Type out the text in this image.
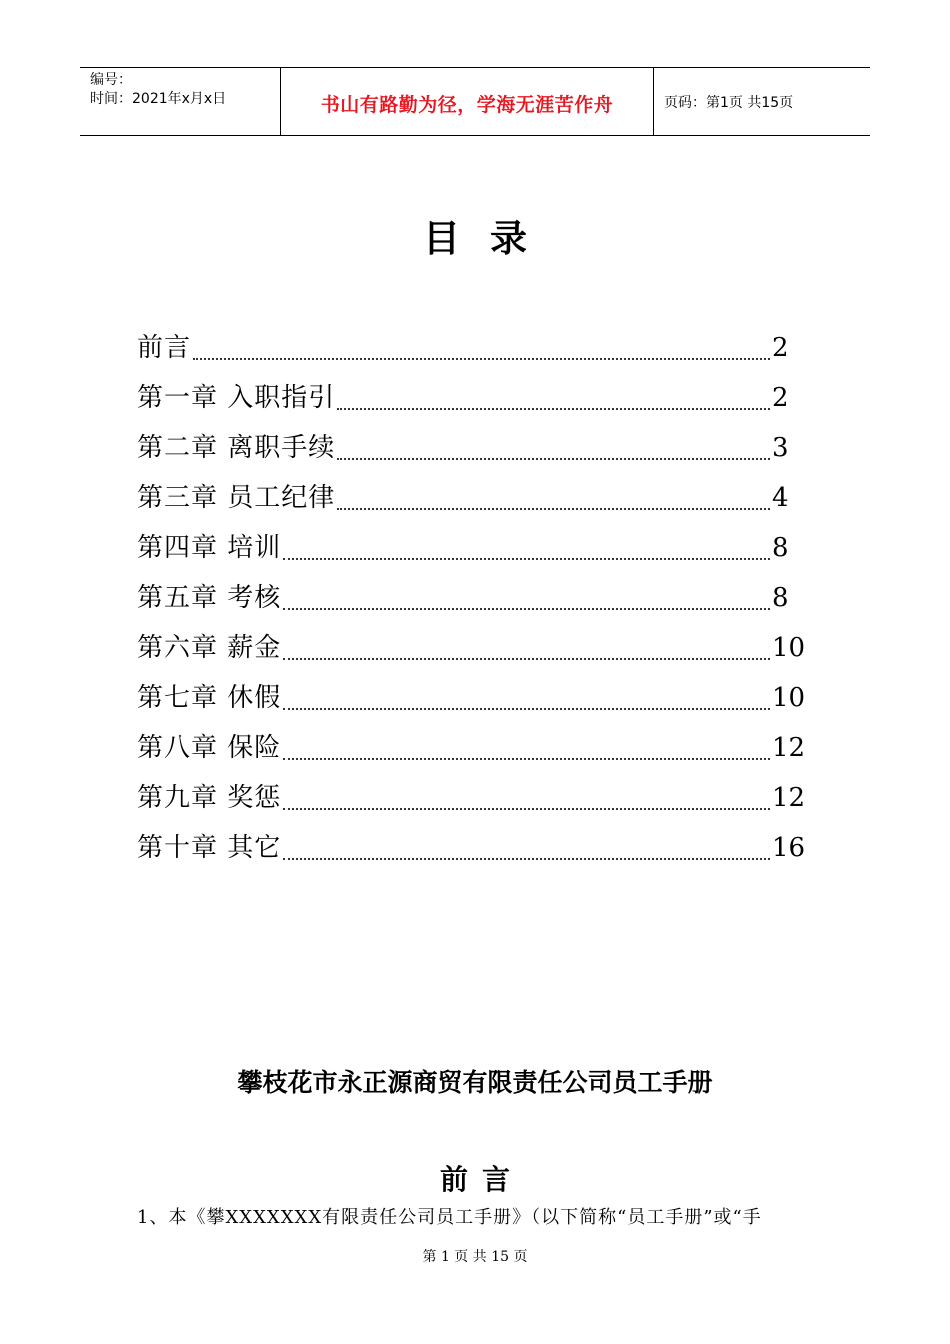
编号：
时间：2021年x月x日	书山有路勤为径，学海无涯苦作舟	页码：第1页 共15页
目录
前言	2
第一章 入职指引	2
第二章 离职手续	3
第三章 员工纪律	4
第四章 培训	8
第五章 考核	8
第六章 薪金	10
第七章 休假	10
第八章 保险	12
第九章 奖惩	12
第十章 其它	16
攀枝花市永正源商贸有限责任公司员工手册
前言
1、本《攀XXXXXXX有限责任公司员工手册》（以下简称“员工手册”或“手
第 1 页 共 15 页
